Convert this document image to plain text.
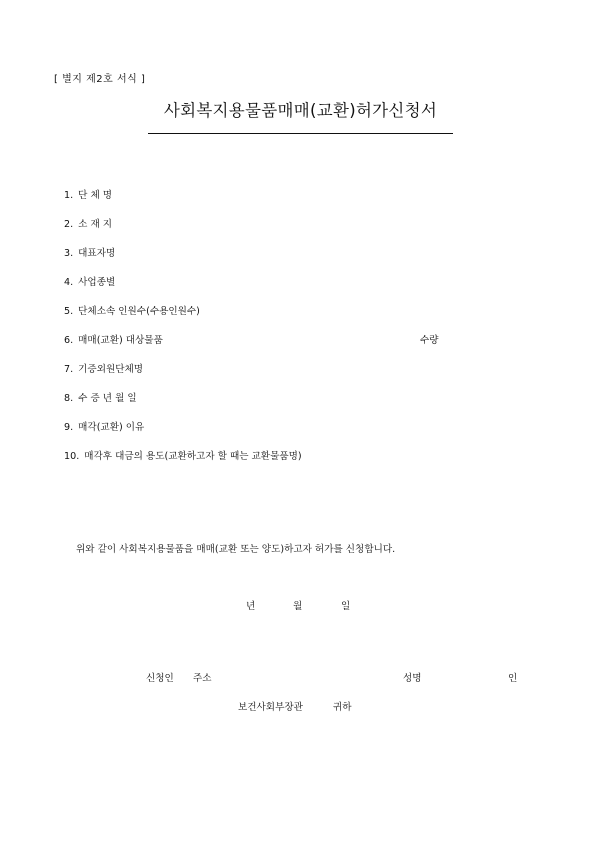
[ 별지 제2호 서식 ]
사회복지용물품매매(교환)허가신청서
1. 단 체 명
2. 소 재 지
3. 대표자명
4. 사업종별
5. 단체소속 인원수(수용인원수)
6. 매매(교환) 대상물품	수량
7. 기증외원단체명
8. 수 증 년 월 일
9. 매각(교환) 이유
10. 매각후 대금의 용도(교환하고자 할 때는 교환물품명)
위와 같이 사회복지용물품을 매매(교환 또는 양도)하고자 허가를 신청합니다.
년	월	일
신청인 주소	성명	인
보건사회부장관	귀하
